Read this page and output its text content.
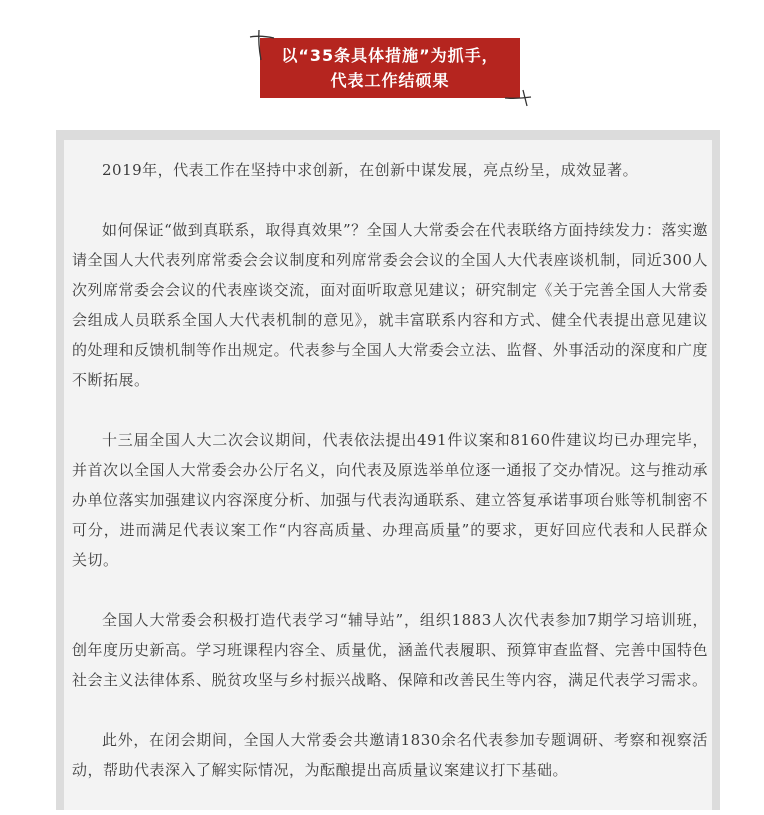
以“35条具体措施”为抓手，
代表工作结硕果

2019年，代表工作在坚持中求创新，在创新中谋发展，亮点纷呈，成效显著。

如何保证“做到真联系，取得真效果”？全国人大常委会在代表联络方面持续发力：落实邀请全国人大代表列席常委会会议制度和列席常委会会议的全国人大代表座谈机制，同近300人次列席常委会会议的代表座谈交流，面对面听取意见建议；研究制定《关于完善全国人大常委会组成人员联系全国人大代表机制的意见》，就丰富联系内容和方式、健全代表提出意见建议的处理和反馈机制等作出规定。代表参与全国人大常委会立法、监督、外事活动的深度和广度不断拓展。

十三届全国人大二次会议期间，代表依法提出491件议案和8160件建议均已办理完毕，并首次以全国人大常委会办公厅名义，向代表及原选举单位逐一通报了交办情况。这与推动承办单位落实加强建议内容深度分析、加强与代表沟通联系、建立答复承诺事项台账等机制密不可分，进而满足代表议案工作“内容高质量、办理高质量”的要求，更好回应代表和人民群众关切。

全国人大常委会积极打造代表学习“辅导站”，组织1883人次代表参加7期学习培训班，创年度历史新高。学习班课程内容全、质量优，涵盖代表履职、预算审查监督、完善中国特色社会主义法律体系、脱贫攻坚与乡村振兴战略、保障和改善民生等内容，满足代表学习需求。

此外，在闭会期间，全国人大常委会共邀请1830余名代表参加专题调研、考察和视察活动，帮助代表深入了解实际情况，为酝酿提出高质量议案建议打下基础。
